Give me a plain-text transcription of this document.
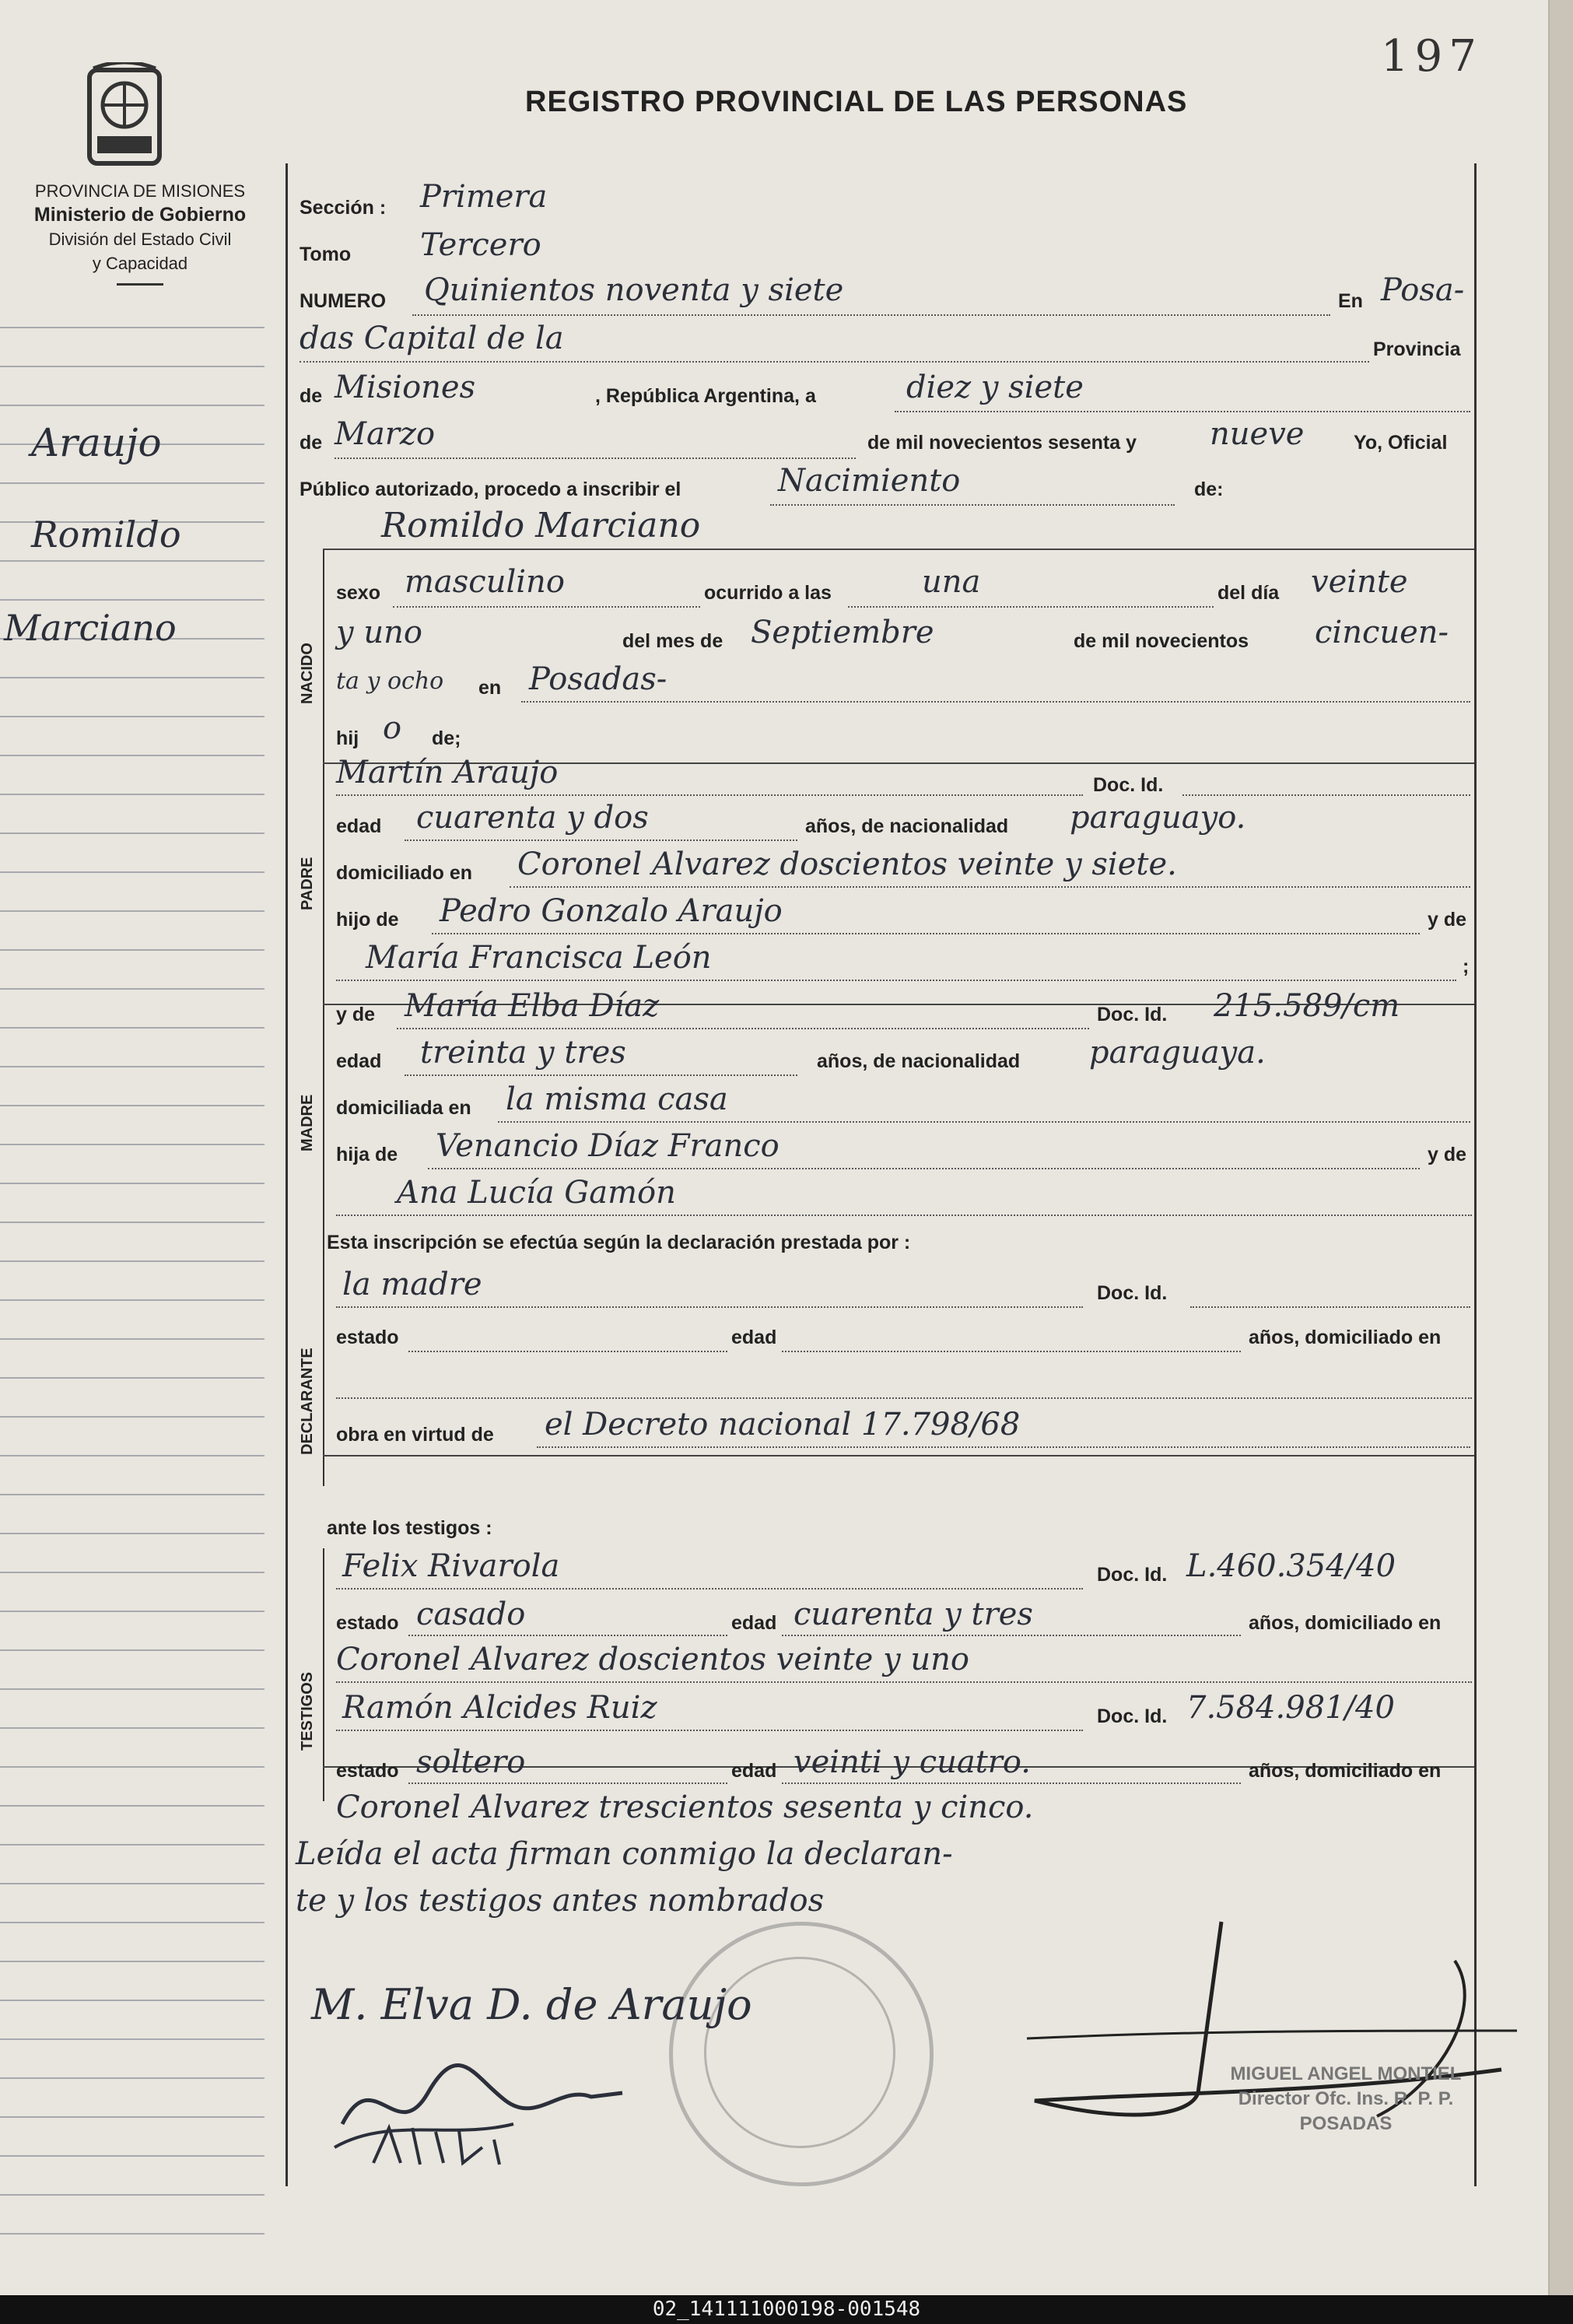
197
REGISTRO PROVINCIAL DE LAS PERSONAS
PROVINCIA DE MISIONES
Ministerio de Gobierno
División del Estado Civil
y Capacidad
Araujo
Romildo
Marciano
NACIDO
PADRE
MADRE
DECLARANTE
TESTIGOS
Sección : Primera
Tomo Tercero
NUMERO Quinientos noventa y siete	En Posa-
das Capital de la	Provincia
de Misiones	, República Argentina, a	diez y siete
de Marzo	de mil novecientos sesenta y nueve	Yo, Oficial
Público autorizado, procedo a inscribir el	Nacimiento	de:
Romildo Marciano
sexo masculino	ocurrido a las	una	del día veinte
y uno	del mes de Septiembre	de mil novecientos cincuen-
ta y ocho en Posadas-
hij o de;
Martín Araujo	Doc. Id.
edad cuarenta y dos	años, de nacionalidad paraguayo.
domiciliado en Coronel Alvarez doscientos veinte y siete.
hijo de Pedro Gonzalo Araujo	y de
María Francisca León	;
y de María Elba Díaz	Doc. Id. 215.589/cm
edad treinta y tres	años, de nacionalidad paraguaya.
domiciliada en la misma casa
hija de Venancio Díaz Franco	y de
Ana Lucía Gamón
Esta inscripción se efectúa según la declaración prestada por :
la madre	Doc. Id.
estado	edad	años, domiciliado en
obra en virtud de el Decreto nacional 17.798/68
ante los testigos :
Felix Rivarola	Doc. Id. L.460.354/40
estado casado	edad cuarenta y tres	años, domiciliado en
Coronel Alvarez doscientos veinte y uno
Ramón Alcides Ruiz	Doc. Id. 7.584.981/40
estado soltero	edad veinti y cuatro.	años, domiciliado en
Coronel Alvarez trescientos sesenta y cinco.
Leída el acta firman conmigo la declaran-
te y los testigos antes nombrados
M. Elva D. de Araujo
MIGUEL ANGEL MONTIEL
Director Ofc. Ins. R. P. P.
POSADAS
02_141111000198-001548
